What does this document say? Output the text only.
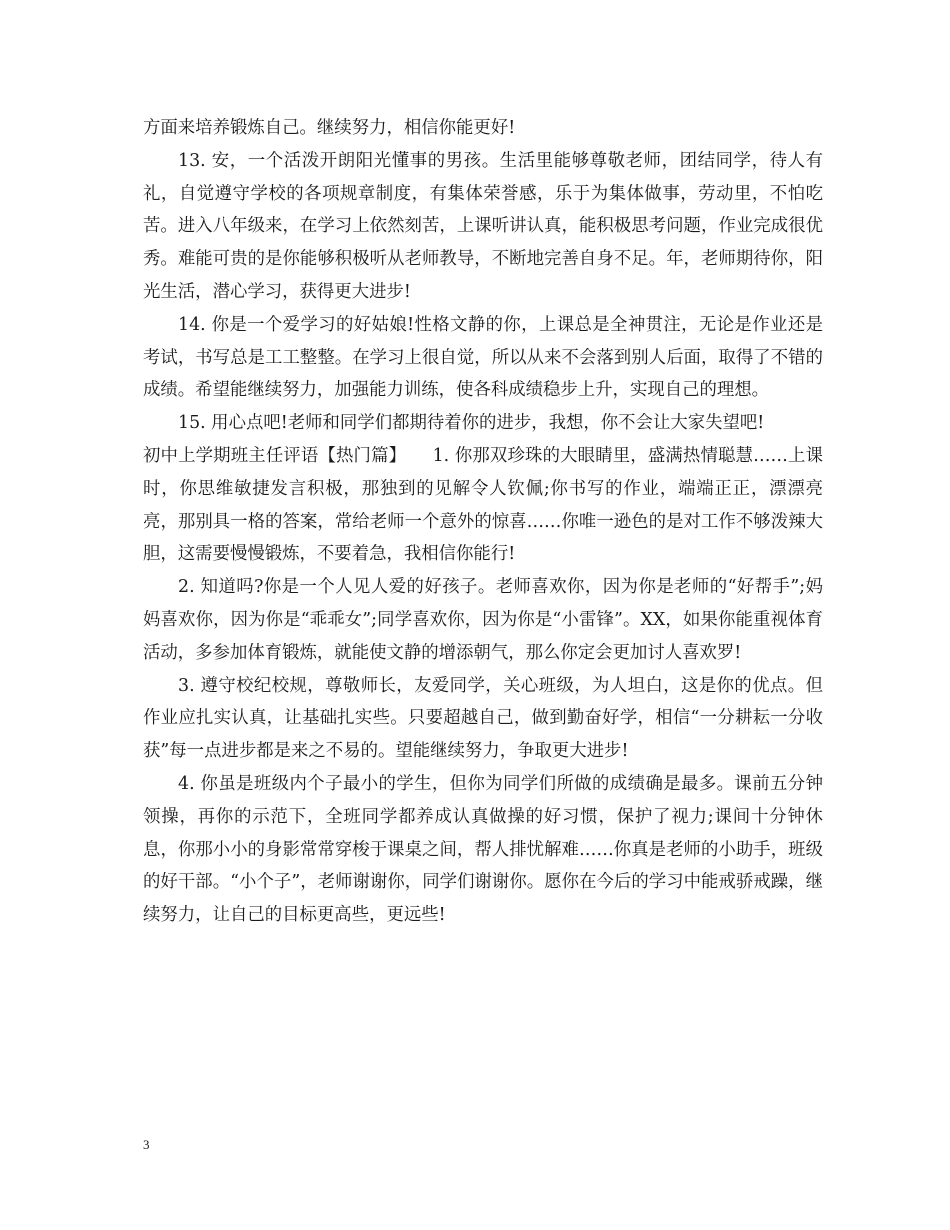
方面来培养锻炼自己。继续努力，相信你能更好!

13. 安，一个活泼开朗阳光懂事的男孩。生活里能够尊敬老师，团结同学，待人有礼，自觉遵守学校的各项规章制度，有集体荣誉感，乐于为集体做事，劳动里，不怕吃苦。进入八年级来，在学习上依然刻苦，上课听讲认真，能积极思考问题，作业完成很优秀。难能可贵的是你能够积极听从老师教导，不断地完善自身不足。年，老师期待你，阳光生活，潜心学习，获得更大进步!

14. 你是一个爱学习的好姑娘!性格文静的你，上课总是全神贯注，无论是作业还是考试，书写总是工工整整。在学习上很自觉，所以从来不会落到别人后面，取得了不错的成绩。希望能继续努力，加强能力训练，使各科成绩稳步上升，实现自己的理想。

15. 用心点吧!老师和同学们都期待着你的进步，我想，你不会让大家失望吧!

初中上学期班主任评语【热门篇】　　1. 你那双珍珠的大眼睛里，盛满热情聪慧……上课时，你思维敏捷发言积极，那独到的见解令人钦佩;你书写的作业，端端正正，漂漂亮亮，那别具一格的答案，常给老师一个意外的惊喜……你唯一逊色的是对工作不够泼辣大胆，这需要慢慢锻炼，不要着急，我相信你能行!

2. 知道吗?你是一个人见人爱的好孩子。老师喜欢你，因为你是老师的“好帮手”;妈妈喜欢你，因为你是“乖乖女”;同学喜欢你，因为你是“小雷锋”。XX，如果你能重视体育活动，多参加体育锻炼，就能使文静的增添朝气，那么你定会更加讨人喜欢罗!

3. 遵守校纪校规，尊敬师长，友爱同学，关心班级，为人坦白，这是你的优点。但作业应扎实认真，让基础扎实些。只要超越自己，做到勤奋好学，相信“一分耕耘一分收获”每一点进步都是来之不易的。望能继续努力，争取更大进步!

4. 你虽是班级内个子最小的学生，但你为同学们所做的成绩确是最多。课前五分钟领操，再你的示范下，全班同学都养成认真做操的好习惯，保护了视力;课间十分钟休息，你那小小的身影常常穿梭于课桌之间，帮人排忧解难……你真是老师的小助手，班级的好干部。“小个子”，老师谢谢你，同学们谢谢你。愿你在今后的学习中能戒骄戒躁，继续努力，让自己的目标更高些，更远些!

3
